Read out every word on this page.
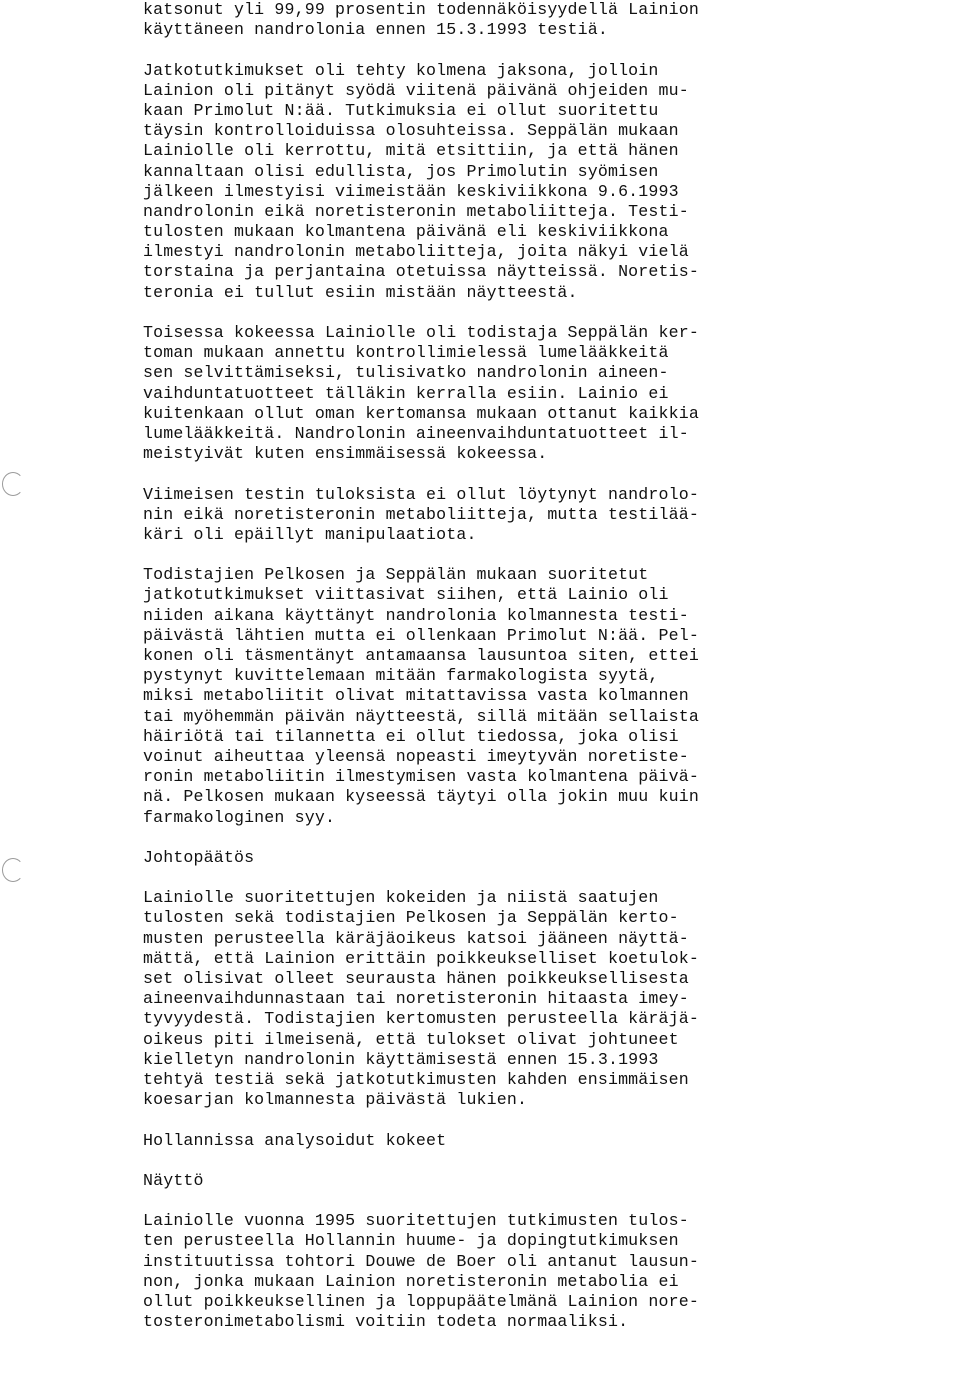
katsonut yli 99,99 prosentin todennäköisyydellä Lainion
käyttäneen nandrolonia ennen 15.3.1993 testiä.
Jatkotutkimukset oli tehty kolmena jaksona, jolloin
Lainion oli pitänyt syödä viitenä päivänä ohjeiden mu-
kaan Primolut N:ää. Tutkimuksia ei ollut suoritettu
täysin kontrolloiduissa olosuhteissa. Seppälän mukaan
Lainiolle oli kerrottu, mitä etsittiin, ja että hänen
kannaltaan olisi edullista, jos Primolutin syömisen
jälkeen ilmestyisi viimeistään keskiviikkona 9.6.1993
nandrolonin eikä noretisteronin metaboliitteja. Testi-
tulosten mukaan kolmantena päivänä eli keskiviikkona
ilmestyi nandrolonin metaboliitteja, joita näkyi vielä
torstaina ja perjantaina otetuissa näytteissä. Noretis-
teronia ei tullut esiin mistään näytteestä.
Toisessa kokeessa Lainiolle oli todistaja Seppälän ker-
toman mukaan annettu kontrollimielessä lumelääkkeitä
sen selvittämiseksi, tulisivatko nandrolonin aineen-
vaihduntatuotteet tälläkin kerralla esiin. Lainio ei
kuitenkaan ollut oman kertomansa mukaan ottanut kaikkia
lumelääkkeitä. Nandrolonin aineenvaihduntatuotteet il-
meistyivät kuten ensimmäisessä kokeessa.
Viimeisen testin tuloksista ei ollut löytynyt nandrolo-
nin eikä noretisteronin metaboliitteja, mutta testilää-
käri oli epäillyt manipulaatiota.
Todistajien Pelkosen ja Seppälän mukaan suoritetut
jatkotutkimukset viittasivat siihen, että Lainio oli
niiden aikana käyttänyt nandrolonia kolmannesta testi-
päivästä lähtien mutta ei ollenkaan Primolut N:ää. Pel-
konen oli täsmentänyt antamaansa lausuntoa siten, ettei
pystynyt kuvittelemaan mitään farmakologista syytä,
miksi metaboliitit olivat mitattavissa vasta kolmannen
tai myöhemmän päivän näytteestä, sillä mitään sellaista
häiriötä tai tilannetta ei ollut tiedossa, joka olisi
voinut aiheuttaa yleensä nopeasti imeytyvän noretiste-
ronin metaboliitin ilmestymisen vasta kolmantena päivä-
nä. Pelkosen mukaan kyseessä täytyi olla jokin muu kuin
farmakologinen syy.
Johtopäätös
Lainiolle suoritettujen kokeiden ja niistä saatujen
tulosten sekä todistajien Pelkosen ja Seppälän kerto-
musten perusteella käräjäoikeus katsoi jääneen näyttä-
mättä, että Lainion erittäin poikkeukselliset koetulok-
set olisivat olleet seurausta hänen poikkeuksellisesta
aineenvaihdunnastaan tai noretisteronin hitaasta imey-
tyvyydestä. Todistajien kertomusten perusteella käräjä-
oikeus piti ilmeisenä, että tulokset olivat johtuneet
kielletyn nandrolonin käyttämisestä ennen 15.3.1993
tehtyä testiä sekä jatkotutkimusten kahden ensimmäisen
koesarjan kolmannesta päivästä lukien.
Hollannissa analysoidut kokeet
Näyttö
Lainiolle vuonna 1995 suoritettujen tutkimusten tulos-
ten perusteella Hollannin huume- ja dopingtutkimuksen
instituutissa tohtori Douwe de Boer oli antanut lausun-
non, jonka mukaan Lainion noretisteronin metabolia ei
ollut poikkeuksellinen ja loppupäätelmänä Lainion nore-
tosteronimetabolismi voitiin todeta normaaliksi.
